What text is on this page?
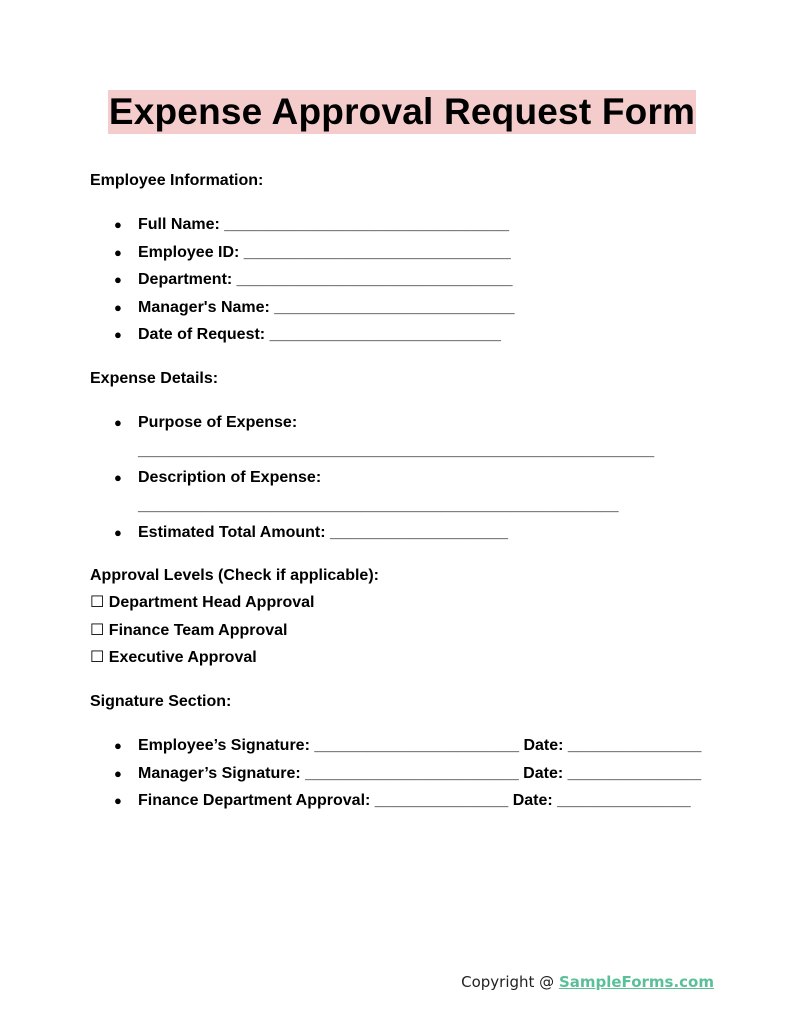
Expense Approval Request Form
Employee Information:
● Full Name: ________________________________
● Employee ID: ______________________________
● Department: _______________________________
● Manager's Name: ___________________________
● Date of Request: __________________________
Expense Details:
● Purpose of Expense:
__________________________________________________________
● Description of Expense:
______________________________________________________
● Estimated Total Amount: ____________________
Approval Levels (Check if applicable):
☐ Department Head Approval
☐ Finance Team Approval
☐ Executive Approval
Signature Section:
● Employee’s Signature: _______________________ Date: _______________
● Manager’s Signature: ________________________ Date: _______________
● Finance Department Approval: _______________ Date: _______________
Copyright @ SampleForms.com
